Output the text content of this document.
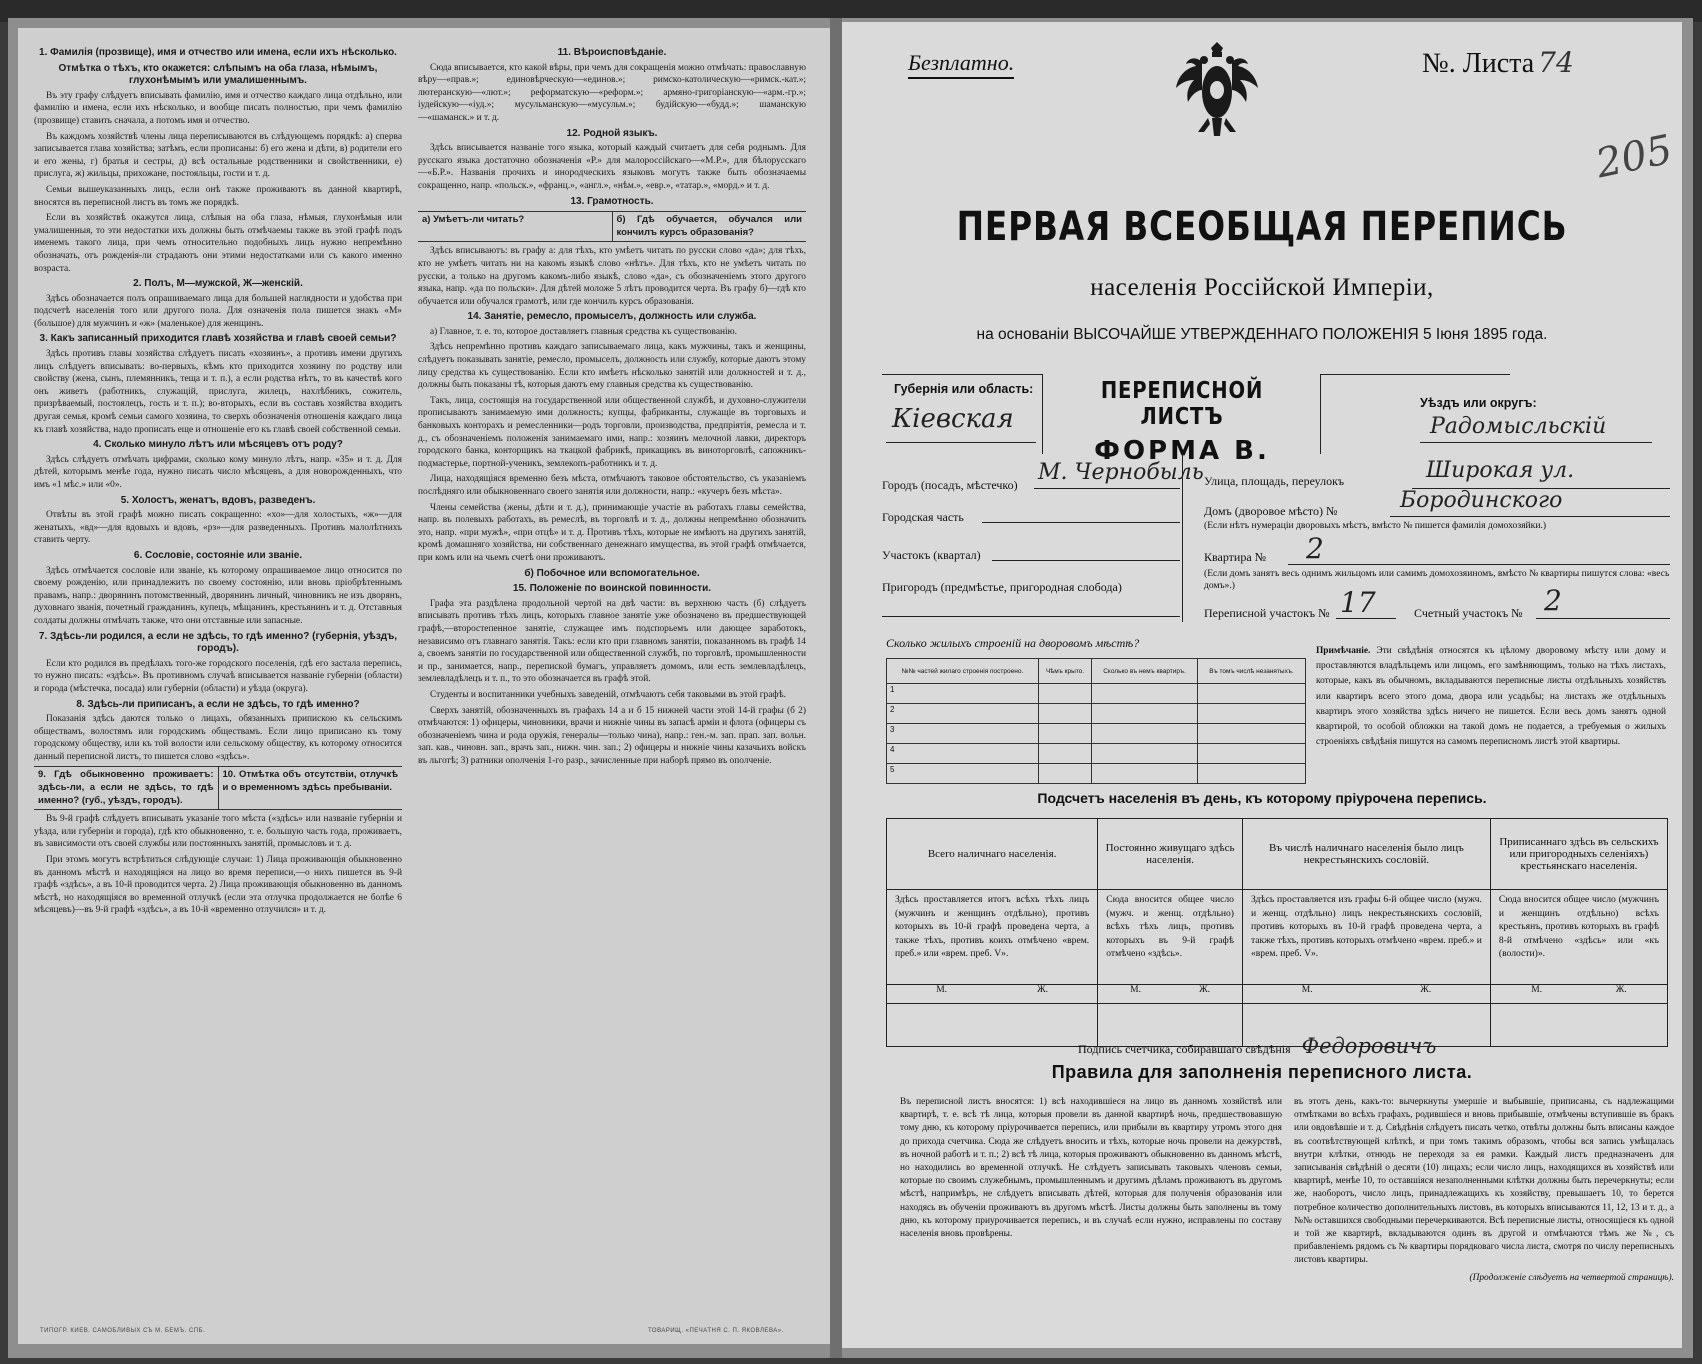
1. Фамилія (прозвище), имя и отчество или имена, если ихъ нѣсколько.
Отмѣтка о тѣхъ, кто окажется: слѣпымъ на оба глаза, нѣмымъ, глухонѣмымъ или умалишеннымъ.
Въ эту графу слѣдуетъ вписывать фамилію, имя и отчество каждаго лица отдѣльно, или фамилію и имена, если ихъ нѣсколько, и вообще писать полностью, при чемъ фамилію (прозвище) ставить сначала, а потомъ имя и отчество.
Въ каждомъ хозяйствѣ члены лица переписываются въ слѣдующемъ порядкѣ: а) сперва записывается глава хозяйства; затѣмъ, если прописаны: б) его жена и дѣти, в) родители его и его жены, г) братья и сестры, д) всѣ остальные родственники и свойственники, е) прислуга, ж) жильцы, прихожане, постояльцы, гости и т. д.
Семьи вышеуказанныхъ лицъ, если онѣ также проживаютъ въ данной квартирѣ, вносятся въ переписной листъ въ томъ же порядкѣ.
Если въ хозяйствѣ окажутся лица, слѣпыя на оба глаза, нѣмыя, глухонѣмыя или умалишенныя, то эти недостатки ихъ должны быть отмѣчаемы также въ этой графѣ подъ именемъ такого лица, при чемъ относительно подобныхъ лицъ нужно непремѣнно обозначать, отъ рожденія-ли страдаютъ они этими недостатками или съ какого именно возраста.
2. Полъ, М—мужской, Ж—женскій.
Здѣсь обозначается полъ опрашиваемаго лица для большей наглядности и удобства при подсчетѣ населенія того или другого пола. Для означенія пола пишется знакъ «М» (большое) для мужчинъ и «ж» (маленькое) для женщинъ.
3. Какъ записанный приходится главѣ хозяйства и главѣ своей семьи?
Здѣсь противъ главы хозяйства слѣдуетъ писать «хозяинъ», а противъ имени другихъ лицъ слѣдуетъ вписывать: во-первыхъ, кѣмъ кто приходится хозяину по родству или свойству (жена, сынъ, племянникъ, теща и т. п.), а если родства нѣтъ, то въ качествѣ кого онъ живетъ (работникъ, служащій, прислуга, жилецъ, нахлѣбникъ, сожитель, призрѣваемый, постоялецъ, гость и т. п.); во-вторыхъ, если въ составъ хозяйства входитъ другая семья, кромѣ семьи самого хозяина, то сверхъ обозначенія отношенія каждаго лица къ главѣ хозяйства, надо прописать еще и отношеніе его къ главѣ своей собственной семьи.
4. Сколько минуло лѣтъ или мѣсяцевъ отъ роду?
Здѣсь слѣдуетъ отмѣчать цифрами, сколько кому минуло лѣтъ, напр. «35» и т. д. Для дѣтей, которымъ менѣе года, нужно писать число мѣсяцевъ, а для новорожденныхъ, что имъ «1 мѣс.» или «0».
5. Холостъ, женатъ, вдовъ, разведенъ.
Отвѣты въ этой графѣ можно писать сокращенно: «хо»—для холостыхъ, «ж»—для женатыхъ, «вд»—для вдовыхъ и вдовъ, «рз»—для разведенныхъ. Противъ малолѣтнихъ ставить черту.
6. Сословіе, состояніе или званіе.
Здѣсь отмѣчается сословіе или званіе, къ которому опрашиваемое лицо относится по своему рожденію, или принадлежитъ по своему состоянію, или вновь пріобрѣтеннымъ правамъ, напр.: дворянинъ потомственный, дворянинъ личный, чиновникъ не изъ дворянъ, духовнаго званія, почетный гражданинъ, купецъ, мѣщанинъ, крестьянинъ и т. д. Отставныя солдаты должны отмѣчать также, что они отставные или запасные.
7. Здѣсь-ли родился, а если не здѣсь, то гдѣ именно? (губернія, уѣздъ, городъ).
Если кто родился въ предѣлахъ того-же городского поселенія, гдѣ его застала перепись, то нужно писать: «здѣсь». Въ противномъ случаѣ вписывается названіе губерніи (области) и города (мѣстечка, посада) или губерніи (области) и уѣзда (округа).
8. Здѣсь-ли приписанъ, а если не здѣсь, то гдѣ именно?
Показанія здѣсь даются только о лицахъ, обязанныхъ припискою къ сельскимъ обществамъ, волостямъ или городскимъ обществамъ. Если лицо приписано къ тому городскому обществу, или къ той волости или сельскому обществу, къ которому относится данный переписной листъ, то пишется слово «здѣсь».
9. Гдѣ обыкновенно проживаетъ: здѣсь-ли, а если не здѣсь, то гдѣ именно? (губ., уѣздъ, городъ).
10. Отмѣтка объ отсутствіи, отлучкѣ и о временномъ здѣсь пребываніи.
Въ 9-й графѣ слѣдуетъ вписывать указаніе того мѣста («здѣсь» или названіе губерніи и уѣзда, или губерніи и города), гдѣ кто обыкновенно, т. е. большую часть года, проживаетъ, въ зависимости отъ своей службы или постоянныхъ занятій, промысловъ и т. д.
При этомъ могутъ встрѣтиться слѣдующіе случаи: 1) Лица проживающія обыкновенно въ данномъ мѣстѣ и находящіяся на лицо во время переписи,—о нихъ пишется въ 9-й графѣ «здѣсь», а въ 10-й проводится черта. 2) Лица проживающія обыкновенно въ данномъ мѣстѣ, но находящіяся во временной отлучкѣ (если эта отлучка продолжается не болѣе 6 мѣсяцевъ)—въ 9-й графѣ «здѣсь», а въ 10-й «временно отлучился» и т. д.
11. Вѣроисповѣданіе.
Сюда вписывается, кто какой вѣры, при чемъ для сокращенія можно отмѣчать: православную вѣру—«прав.»; единовѣрческую—«единов.»; римско-католическую—«римск.-кат.»; лютеранскую—«лют.»; реформатскую—«реформ.»; армяно-григоріанскую—«арм.-гр.»; іудейскую—«іуд.»; мусульманскую—«мусульм.»; будійскую—«будд.»; шаманскую—«шаманск.» и т. д.
12. Родной языкъ.
Здѣсь вписывается названіе того языка, который каждый считаетъ для себя роднымъ. Для русскаго языка достаточно обозначенія «Р.» для малороссійскаго—«М.Р.», для бѣлорусскаго—«Б.Р.». Названія прочихъ и инородческихъ языковъ могутъ также быть обозначаемы сокращенно, напр. «польск.», «франц.», «англ.», «нѣм.», «евр.», «татар.», «морд.» и т. д.
13. Грамотность.
а) Умѣетъ-ли читать?	б) Гдѣ обучается, обучался или кончилъ курсъ образованія?
Здѣсь вписываютъ: въ графу а: для тѣхъ, кто умѣетъ читать по русски слово «да»; для тѣхъ, кто не умѣетъ читать ни на какомъ языкѣ слово «нѣтъ». Для тѣхъ, кто не умѣетъ читать по русски, а только на другомъ какомъ-либо языкѣ, слово «да», съ обозначеніемъ этого другого языка, напр. «да по польски». Для дѣтей моложе 5 лѣтъ проводится черта. Въ графу б)—гдѣ кто обучается или обучался грамотѣ, или где кончилъ курсъ образованія.
14. Занятіе, ремесло, промыселъ, должность или служба.
а) Главное, т. е. то, которое доставляетъ главныя средства къ существованію.
Здѣсь непремѣнно противъ каждаго записываемаго лица, какъ мужчины, такъ и женщины, слѣдуетъ показывать занятіе, ремесло, промыселъ, должность или службу, которые даютъ этому лицу средства къ существованію. Если кто имѣетъ нѣсколько занятій или должностей и т. д., должны быть показаны тѣ, которыя даютъ ему главныя средства къ существованію.
Такъ, лица, состоящія на государственной или общественной службѣ, и духовно-служители прописываютъ занимаемую ими должность; купцы, фабриканты, служащіе въ торговыхъ и банковыхъ конторахъ и ремесленники—родъ торговли, производства, предпріятія, ремесла и т. д., съ обозначеніемъ положенія занимаемаго ими, напр.: хозяинъ мелочной лавки, директоръ городского банка, конторщикъ на ткацкой фабрикѣ, прикащикъ въ виноторговлѣ, сапожникъ-подмастерье, портной-ученикъ, землекопъ-работникъ и т. д.
Лица, находящіяся временно безъ мѣста, отмѣчаютъ таковое обстоятельство, съ указаніемъ послѣдняго или обыкновеннаго своего занятія или должности, напр.: «кучеръ безъ мѣста».
Члены семейства (жены, дѣти и т. д.), принимающіе участіе въ работахъ главы семейства, напр. въ полевыхъ работахъ, въ ремеслѣ, въ торговлѣ и т. д., должны непремѣнно обозначить это, напр. «при мужѣ», «при отцѣ» и т. д. Противъ тѣхъ, которые не имѣютъ на другихъ занятій, кромѣ домашняго хозяйства, ни собственнаго денежнаго имущества, въ этой графѣ отмѣчается, при комъ или на чьемъ счетѣ они проживаютъ.
б) Побочное или вспомогательное.
15. Положеніе по воинской повинности.
Графа эта раздѣлена продольной чертой на двѣ части: въ верхнюю часть (б) слѣдуетъ вписывать противъ тѣхъ лицъ, которыхъ главное занятіе уже обозначено въ предшествующей графѣ,—второстепенное занятіе, служащее имъ подспорьемъ или дающее заработокъ, независимо отъ главнаго занятія. Такъ: если кто при главномъ занятіи, показанномъ въ графѣ 14 а, своемъ занятіи по государственной или общественной службѣ, по торговлѣ, промышленности и пр., занимается, напр., перепиской бумагъ, управляетъ домомъ, или есть землевладѣлецъ, землевладѣлецъ и т. п., то это обозначается въ графѣ этой.
Студенты и воспитанники учебныхъ заведеній, отмѣчаютъ себя таковыми въ этой графѣ.
Сверхъ занятій, обозначенныхъ въ графахъ 14 а и б 15 нижней части этой 14-й графы (б 2) отмѣчаются: 1) офицеры, чиновники, врачи и нижніе чины въ запасѣ арміи и флота (офицеры съ обозначеніемъ чина и рода оружія, генералы—только чина), напр.: ген.-м. зап. прап. зап. вольн. зап. кав., чиновн. зап., врачъ зап., нижн. чин. зап.; 2) офицеры и нижніе чины казачьихъ войскъ въ льготѣ; 3) ратники ополченія 1-го разр., зачисленные при наборѣ прямо въ ополченіе.
ТИПОГР. КИЕВ. САМОБЛИВЫХ СЪ М. БЕМЪ. СПБ.	ТОВАРИЩ. «ПЕЧАТНЯ С. П. ЯКОВЛЕВА».
Безплатно.	№. Листа 74
205
ПЕРВАЯ ВСЕОБЩАЯ ПЕРЕПИСЬ
населенія Россійской Имперіи,
на основаніи ВЫСОЧАЙШЕ УТВЕРЖДЕННАГО ПОЛОЖЕНІЯ 5 Іюня 1895 года.
Губернія или область:
Кіевская
ПЕРЕПИСНОЙ ЛИСТЪ
ФОРМА В.
Уѣздъ или округъ:
Радомысльскій
Городъ (посадъ, мѣстечко) М. Чернобыль
Городская часть
Участокъ (квартал)
Пригородъ (предмѣстье, пригородная слобода)
Улица, площадь, переулокъ	Широкая ул.
Домъ (дворовое мѣсто) №	Бородинского
(Если нѣтъ нумераціи дворовыхъ мѣстъ, вмѣсто № пишется фамилія домохозяйки.)
Квартира № 2
(Если домъ занятъ весь однимъ жильцомъ или самимъ домохозяиномъ, вмѣсто № квартиры пишутся слова: «весь домъ».)
Переписной участокъ № 17	Счетный участокъ № 2
Сколько жилыхъ строеній на дворовомъ мѣстѣ?
№№ частей жилаго строенія построено.	Чѣмъ крыто.	Сколько въ немъ квартиръ.	Въ томъ числѣ незанятыхъ.
1			
2			
3			
4			
5			
Примѣчаніе. Эти свѣдѣнія относятся къ цѣлому дворовому мѣсту или дому и проставляются владѣльцемъ или лицомъ, его замѣняющимъ, только на тѣхъ листахъ, которые, какъ въ обычномъ, вкладываются переписные листы отдѣльныхъ хозяйствъ или квартиръ всего этого дома, двора или усадьбы; на листахъ же отдѣльныхъ квартиръ этого хозяйства здѣсь ничего не пишется. Если весь домъ занятъ одной квартирой, то особой обложки на такой домъ не подается, а требуемыя о жилыхъ строеніяхъ свѣдѣнія пишутся на самомъ переписномъ листѣ этой квартиры.
Подсчетъ населенія въ день, къ которому пріурочена перепись.
Всего наличнаго населенія.	Постоянно живущаго здѣсь населенія.	Въ числѣ наличнаго населенія было лицъ некрестьянскихъ сословій.	Приписаннаго здѣсь въ сельскихъ или пригородныхъ селеніяхъ) крестьянскаго населенія.
Здѣсь проставляется итогъ всѣхъ тѣхъ лицъ (мужчинъ и женщинъ отдѣльно), противъ которыхъ въ 10-й графѣ проведена черта, а также тѣхъ, противъ коихъ отмѣчено «врем. преб.» или «врем. преб. V».	Сюда вносится общее число (мужч. и женщ. отдѣльно) всѣхъ тѣхъ лицъ, противъ которыхъ въ 9-й графѣ отмѣчено «здѣсь».	Здѣсь проставляется изъ графы 6-й общее число (мужч. и женщ. отдѣльно) лицъ некрестьянскихъ сословій, противъ которыхъ въ 10-й графѣ проведена черта, а также тѣхъ, противъ которыхъ отмѣчено «врем. преб.» и «врем. преб. V».	Сюда вносится общее число (мужчинъ и женщинъ отдѣльно) всѣхъ крестьянъ, противъ которыхъ въ графѣ 8-й отмѣчено «здѣсь» или «къ (волости)».
М. Ж.	М. Ж.	М. Ж.	М. Ж.

Подпись счетчика, собиравшаго свѣдѣнія Федоровичъ
Правила для заполненія переписного листа.
Въ переписной листъ вносятся: 1) всѣ находившіеся на лицо въ данномъ хозяйствѣ или квартирѣ, т. е. всѣ тѣ лица, которыя провели въ данной квартирѣ ночь, предшествовавшую тому дню, къ которому пріурочивается перепись, или прибыли въ квартиру утромъ этого дня до прихода счетчика. Сюда же слѣдуетъ вносить и тѣхъ, которые ночь провели на дежурствѣ, въ ночной работѣ и т. п.; 2) всѣ тѣ лица, которыя проживаютъ обыкновенно въ данномъ мѣстѣ, но находились во временной отлучкѣ. Не слѣдуетъ записывать таковыхъ членовъ семьи, которые по своимъ служебнымъ, промышленнымъ и другимъ дѣламъ проживаютъ въ другомъ мѣстѣ, напримѣръ, не слѣдуетъ вписывать дѣтей, которыя для полученія образованія или находясь въ обученіи проживаютъ въ другомъ мѣстѣ. Листы должны быть заполнены въ тому дню, къ которому приурочивается перепись, и въ случаѣ если нужно, исправлены по составу населенія вновь провѣрены.
въ этотъ день, какъ-то: вычеркнуты умершіе и выбывшіе, приписаны, съ надлежащими отмѣтками во всѣхъ графахъ, родившіеся и вновь прибывшіе, отмѣчены вступившіе въ бракъ или овдовѣвшіе и т. д. Свѣдѣнія слѣдуетъ писать четко, отвѣты должны быть вписаны каждое въ соотвѣтствующей клѣткѣ, и при томъ такимъ образомъ, чтобы вся запись умѣщалась внутри клѣтки, отнюдь не переходя за ея рамки. Каждый листъ предназначенъ для записыванія свѣдѣній о десяти (10) лицахъ; если число лицъ, находящихся въ хозяйствѣ или квартирѣ, менѣе 10, то оставшіяся незаполненными клѣтки должны быть перечеркнуты; если же, наоборотъ, число лицъ, принадлежащихъ къ хозяйству, превышаетъ 10, то берется потребное количество дополнительныхъ листовъ, въ которыхъ вписываются 11, 12, 13 и т. д., а №№ оставшихся свободными перечеркиваются. Всѣ переписные листы, относящіеся къ одной и той же квартирѣ, вкладываются одинъ въ другой и отмѣчаются тѣмъ же №, съ прибавленіемъ рядомъ съ № квартиры порядковаго числа листа, смотря по числу переписныхъ листовъ квартиры.
(Продолженіе слѣдуетъ на четвертой страницѣ).
